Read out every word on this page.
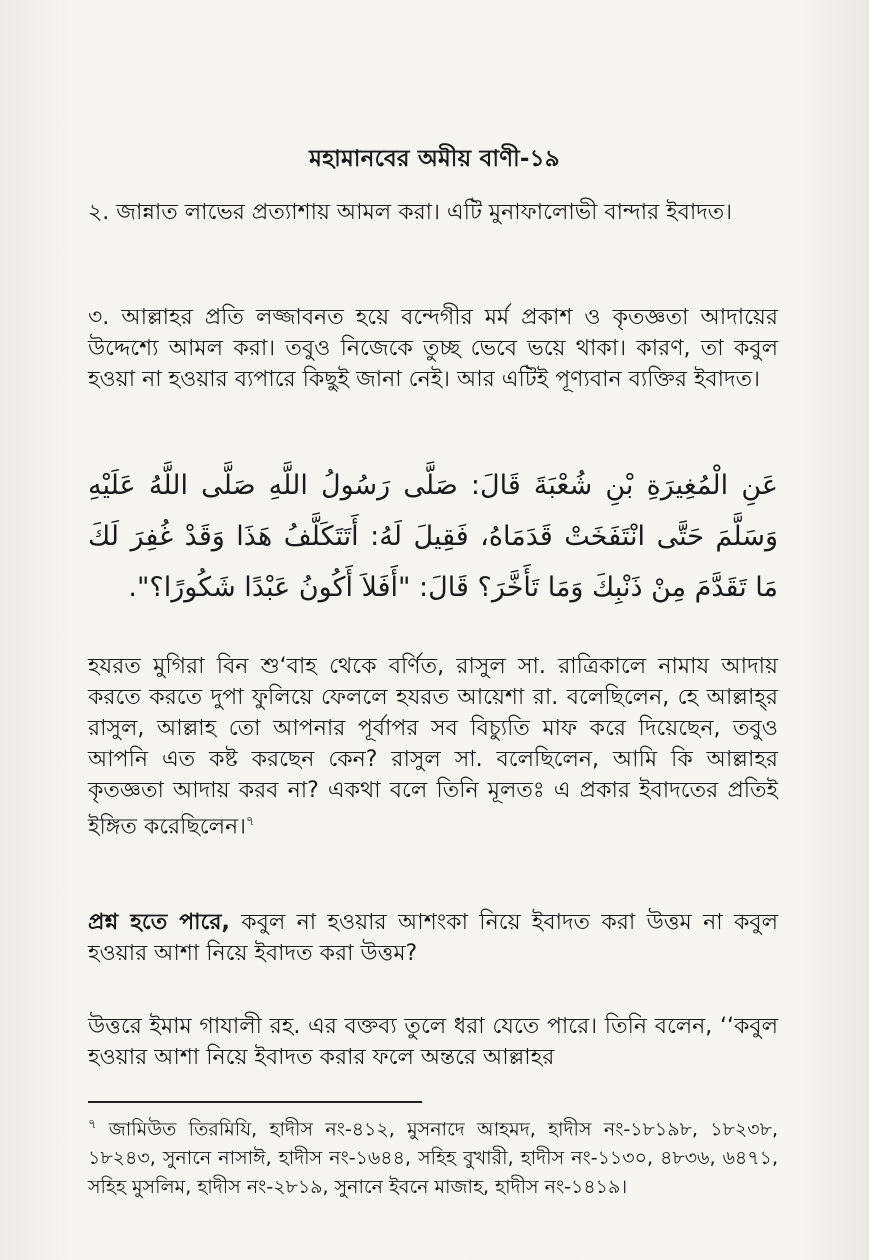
মহামানবের অমীয় বাণী-১৯

২. জান্নাত লাভের প্রত্যাশায় আমল করা। এটি মুনাফালোভী বান্দার ইবাদত।

৩. আল্লাহর প্রতি লজ্জাবনত হয়ে বন্দেগীর মর্ম প্রকাশ ও কৃতজ্ঞতা আদায়ের উদ্দেশ্যে আমল করা। তবুও নিজেকে তুচ্ছ ভেবে ভয়ে থাকা। কারণ, তা কবুল হওয়া না হওয়ার ব্যপারে কিছুই জানা নেই। আর এটিই পূণ্যবান ব্যক্তির ইবাদত।

عَنِ الْمُغِيرَةِ بْنِ شُعْبَةَ قَالَ: صَلَّى رَسُولُ اللَّهِ صَلَّى اللَّهُ عَلَيْهِ وَسَلَّمَ حَتَّى انْتَفَخَتْ قَدَمَاهُ، فَقِيلَ لَهُ: أَتَتَكَلَّفُ هَذَا وَقَدْ غُفِرَ لَكَ مَا تَقَدَّمَ مِنْ ذَنْبِكَ وَمَا تَأَخَّرَ؟ قَالَ: "أَفَلاَ أَكُونُ عَبْدًا شَكُورًا؟".

হযরত মুগিরা বিন শু‘বাহ থেকে বর্ণিত, রাসুল সা. রাত্রিকালে নামায আদায় করতে করতে দুপা ফুলিয়ে ফেললে হযরত আয়েশা রা. বলেছিলেন, হে আল্লাহ্‌র রাসুল, আল্লাহ তো আপনার পূর্বাপর সব বিচ্যুতি মাফ করে দিয়েছেন, তবুও আপনি এত কষ্ট করছেন কেন? রাসুল সা. বলেছিলেন, আমি কি আল্লাহর কৃতজ্ঞতা আদায় করব না? একথা বলে তিনি মূলতঃ এ প্রকার ইবাদতের প্রতিই ইঙ্গিত করেছিলেন।$^৭$

প্রশ্ন হতে পারে, কবুল না হওয়ার আশংকা নিয়ে ইবাদত করা উত্তম না কবুল হওয়ার আশা নিয়ে ইবাদত করা উত্তম?

উত্তরে ইমাম গাযালী রহ. এর বক্তব্য তুলে ধরা যেতে পারে। তিনি বলেন, ‘‘কবুল হওয়ার আশা নিয়ে ইবাদত করার ফলে অন্তরে আল্লাহর

$^৭$ জামিউত তিরমিযি, হাদীস নং-৪১২, মুসনাদে আহমদ, হাদীস নং-১৮১৯৮, ১৮২৩৮, ১৮২৪৩, সুনানে নাসাঈ, হাদীস নং-১৬৪৪, সহিহ বুখারী, হাদীস নং-১১৩০, ৪৮৩৬, ৬৪৭১, সহিহ মুসলিম, হাদীস নং-২৮১৯, সুনানে ইবনে মাজাহ, হাদীস নং-১৪১৯।
